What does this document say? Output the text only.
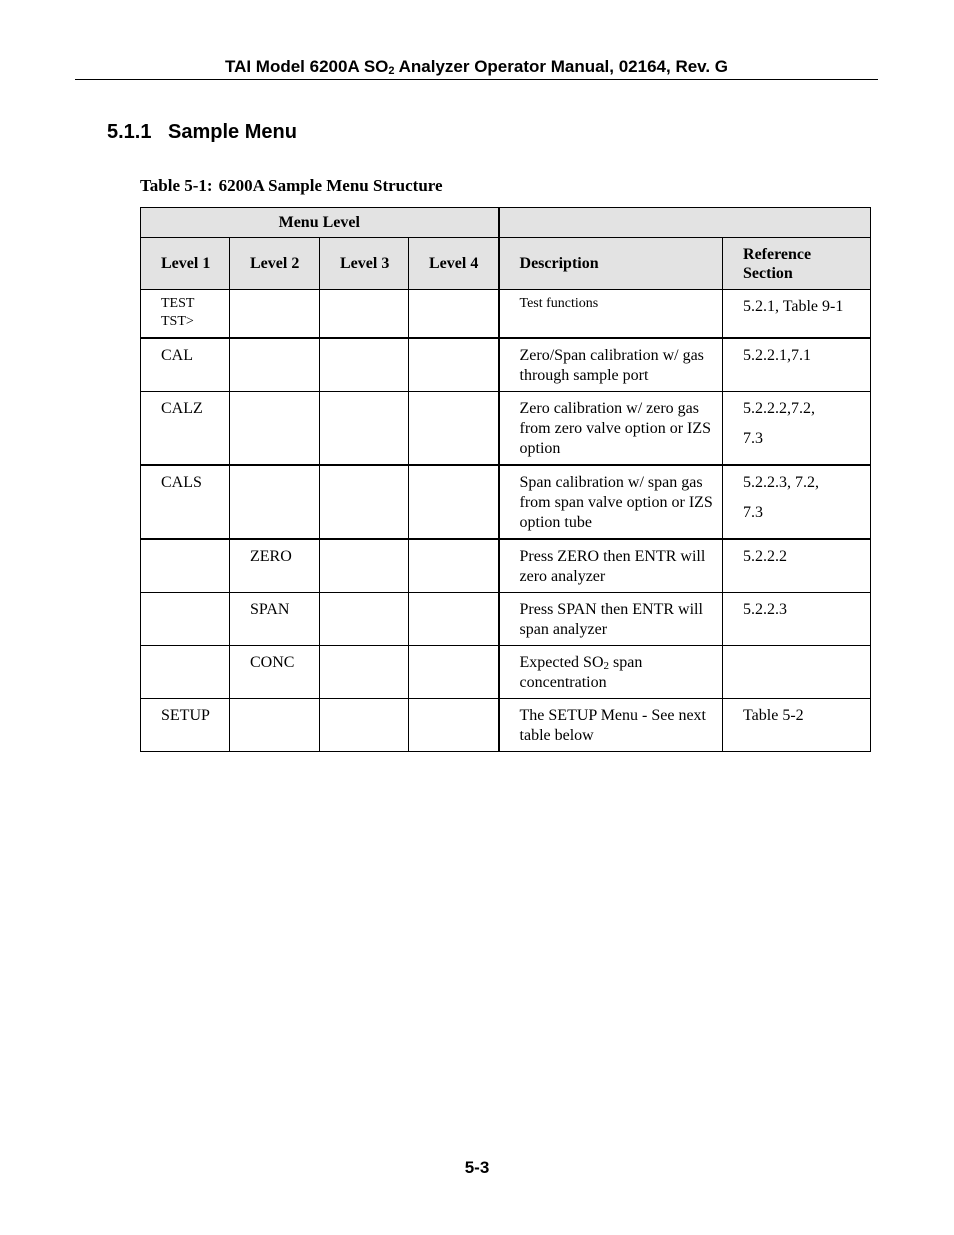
TAI Model 6200A $SO_2$ Analyzer Operator Manual, 02164, Rev. G
5.1.1 Sample Menu
Table 5-1: 6200A Sample Menu Structure
Menu Level					
Level 1	Level 2	Level 3	Level 4	Description	Reference
Section
TEST
TST>				Test functions	5.2.1, Table 9-1
CAL				Zero/Span calibration w/ gas through sample port	5.2.2.1,7.1
CALZ				Zero calibration w/ zero gas from zero valve option or IZS option	5.2.2.2,7.2,
7.3

CALS				Span calibration w/ span gas from span valve option or IZS option tube	5.2.2.3, 7.2,
7.3

	ZERO			Press ZERO then ENTR will zero analyzer	5.2.2.2
	SPAN			Press SPAN then ENTR will span analyzer	5.2.2.3
	CONC			Expected $SO_2$ span concentration	
SETUP				The SETUP Menu - See next table below	Table 5-2
5-3
